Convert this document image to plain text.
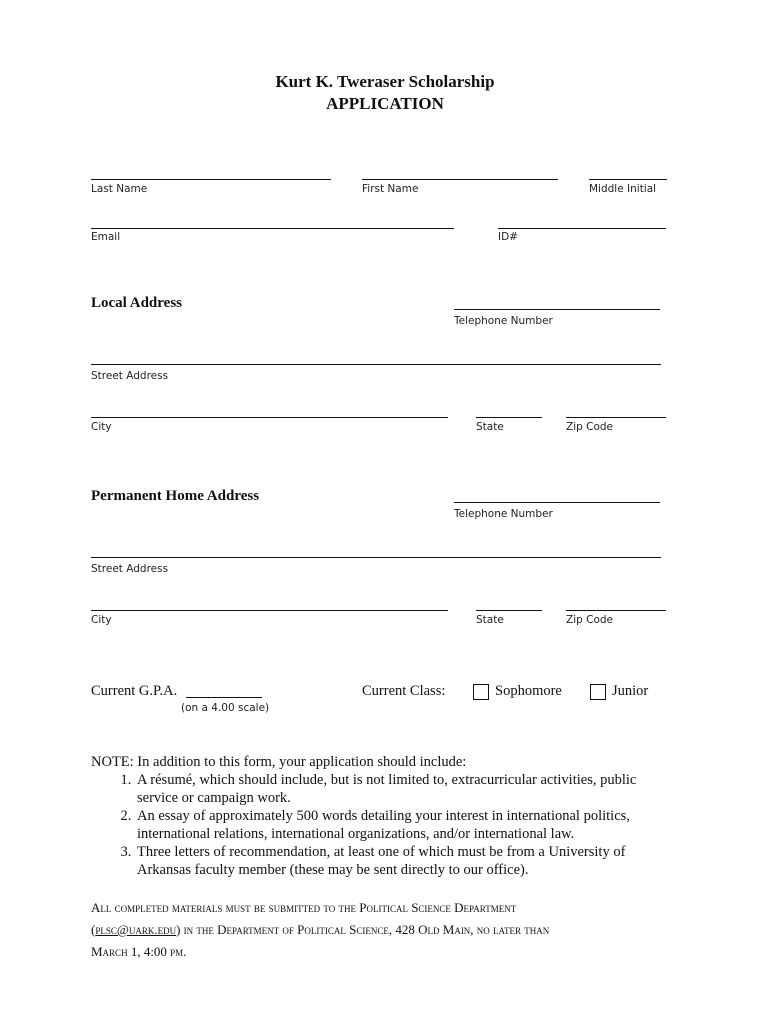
Kurt K. Tweraser Scholarship
APPLICATION
Last Name	First Name	Middle Initial
Email	ID#
Local Address
Telephone Number
Street Address
City	State	Zip Code
Permanent Home Address
Telephone Number
Street Address
City	State	Zip Code
Current G.P.A.
(on a 4.00 scale)
Current Class:	Sophomore	Junior
NOTE: In addition to this form, your application should include:
1. A résumé, which should include, but is not limited to, extracurricular activities, public service or campaign work.
2. An essay of approximately 500 words detailing your interest in international politics, international relations, international organizations, and/or international law.
3. Three letters of recommendation, at least one of which must be from a University of Arkansas faculty member (these may be sent directly to our office).
All completed materials must be submitted to the Political Science Department
(plsc@uark.edu) in the Department of Political Science, 428 Old Main, no later than
March 1, 4:00 pm.
